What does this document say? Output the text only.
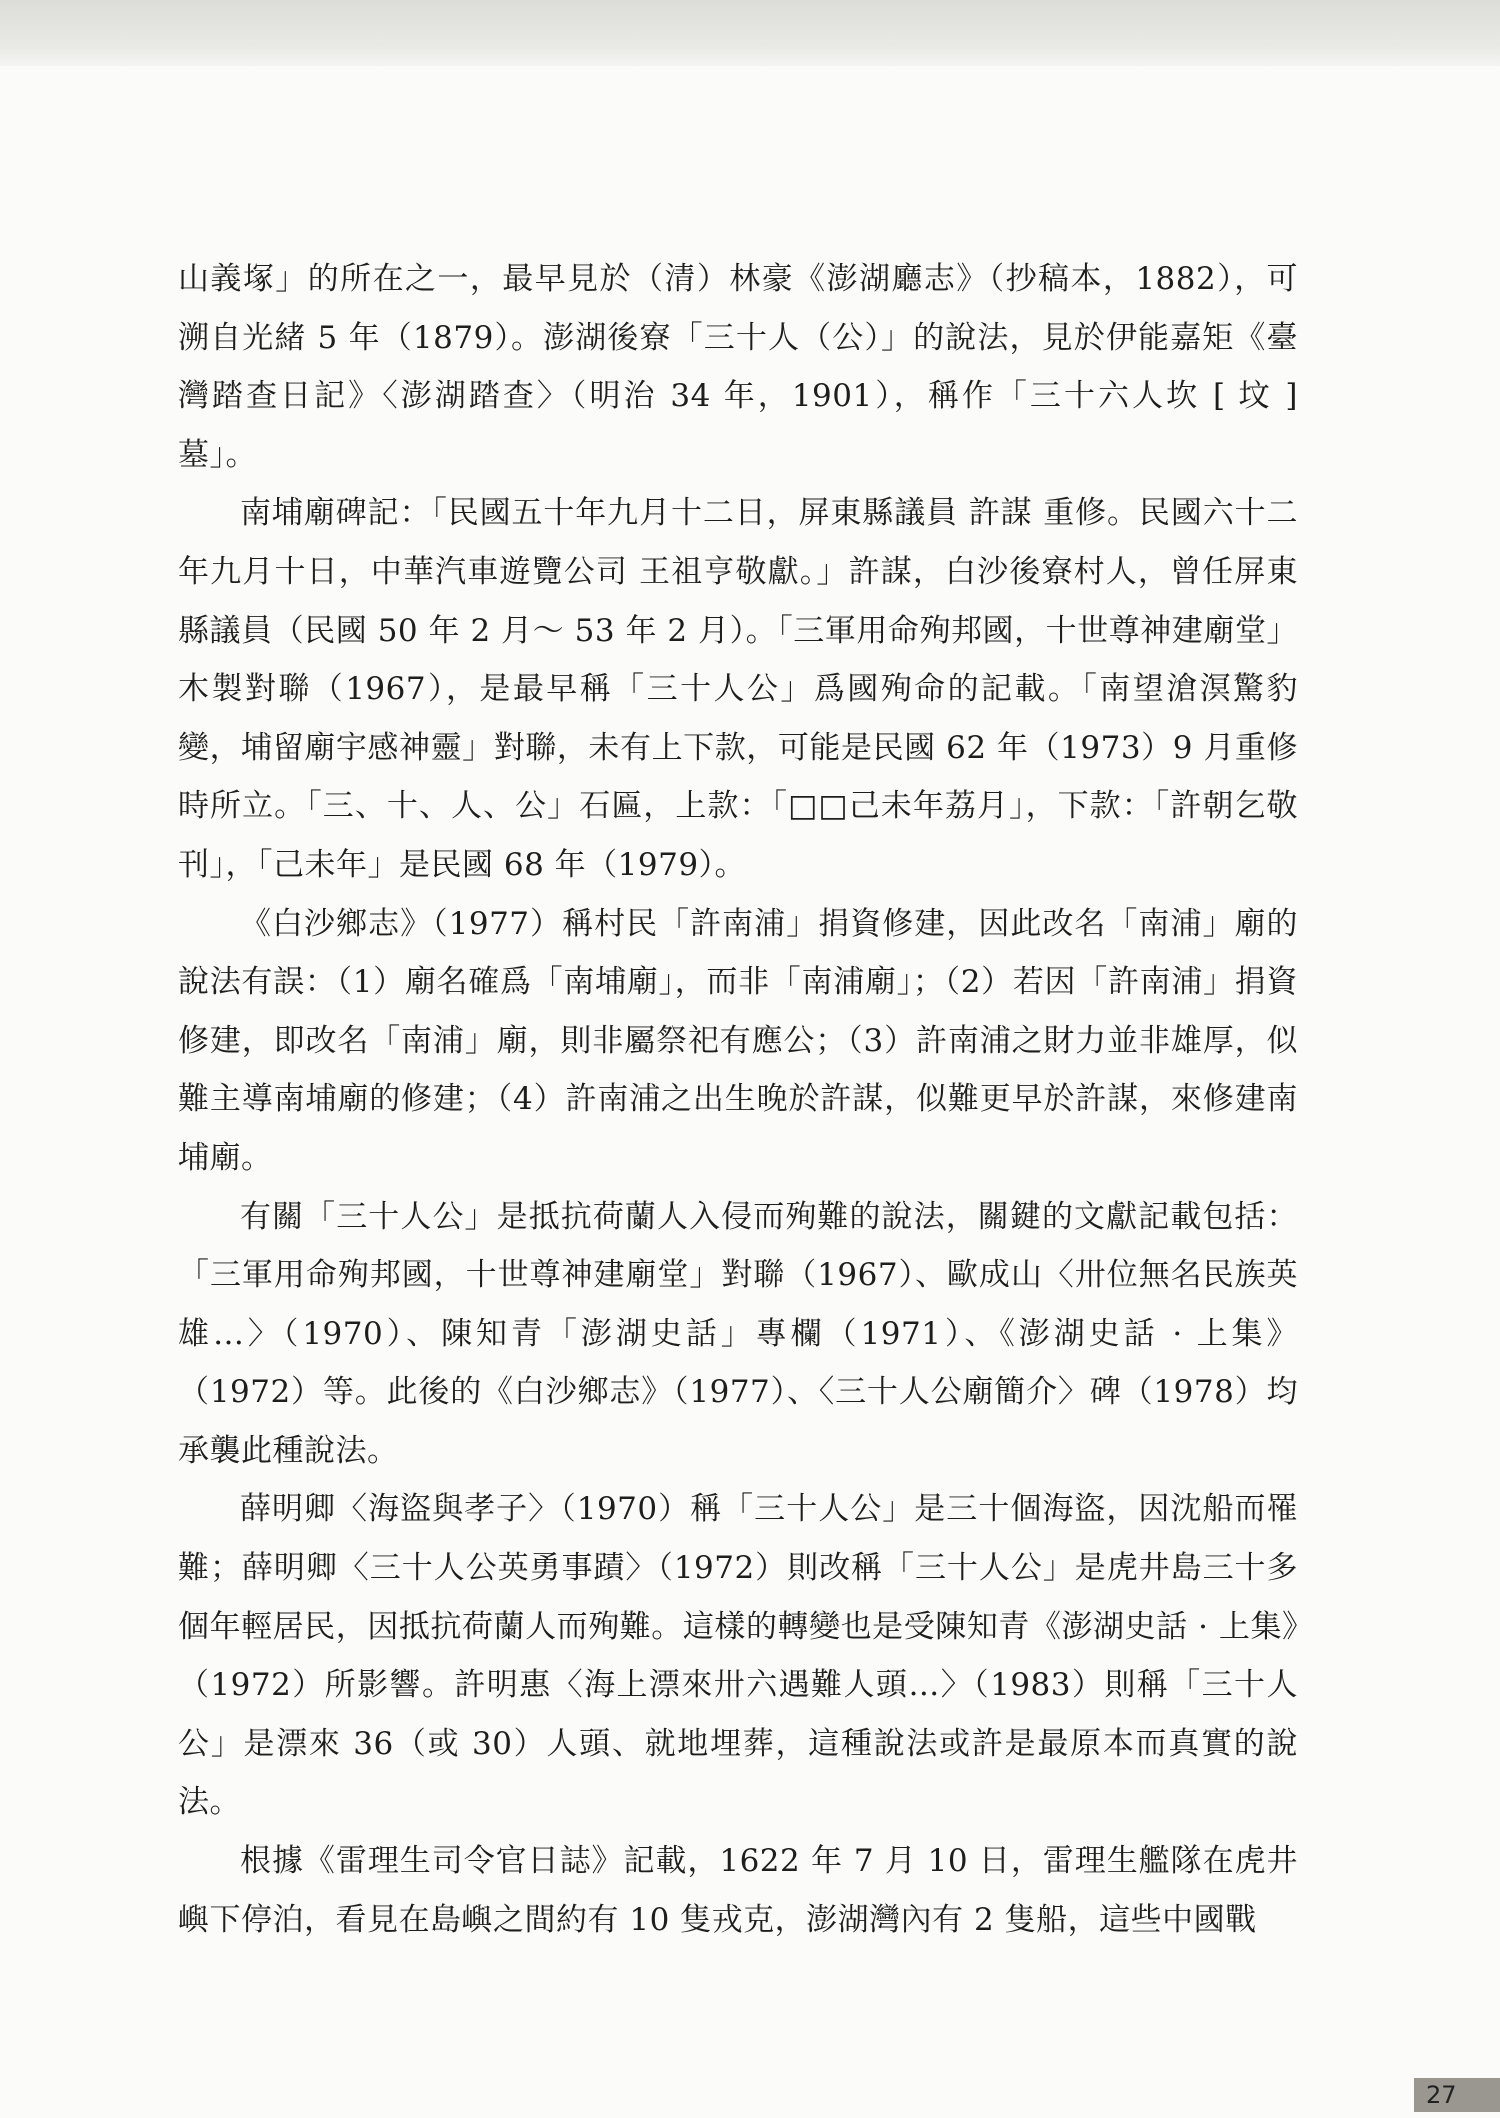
山義塚」的所在之一，最早見於（清）林豪《澎湖廳志》（抄稿本，1882），可溯自光緒 5 年（1879）。澎湖後寮「三十人（公）」的說法，見於伊能嘉矩《臺灣踏查日記》〈澎湖踏查〉（明治 34 年，1901），稱作「三十六人坎 [ 坟 ] 墓」。

南埔廟碑記：「民國五十年九月十二日，屏東縣議員 許謀 重修。民國六十二年九月十日，中華汽車遊覽公司 王祖亨敬獻。」許謀，白沙後寮村人，曾任屏東縣議員（民國 50 年 2 月～ 53 年 2 月）。「三軍用命殉邦國，十世尊神建廟堂」木製對聯（1967），是最早稱「三十人公」爲國殉命的記載。「南望滄溟驚豹變，埔留廟宇感神靈」對聯，未有上下款，可能是民國 62 年（1973）9 月重修時所立。「三、十、人、公」石匾，上款：「□□己未年荔月」，下款：「許朝乞敬刊」，「己未年」是民國 68 年（1979）。

《白沙鄉志》（1977）稱村民「許南浦」捐資修建，因此改名「南浦」廟的說法有誤：（1）廟名確爲「南埔廟」，而非「南浦廟」；（2）若因「許南浦」捐資修建，即改名「南浦」廟，則非屬祭祀有應公；（3）許南浦之財力並非雄厚，似難主導南埔廟的修建；（4）許南浦之出生晚於許謀，似難更早於許謀，來修建南埔廟。

有關「三十人公」是抵抗荷蘭人入侵而殉難的說法，關鍵的文獻記載包括：「三軍用命殉邦國，十世尊神建廟堂」對聯（1967）、歐成山〈卅位無名民族英雄…〉（1970）、陳知青「澎湖史話」專欄（1971）、《澎湖史話 · 上集》（1972）等。此後的《白沙鄉志》（1977）、〈三十人公廟簡介〉碑（1978）均承襲此種說法。

薛明卿〈海盜與孝子〉（1970）稱「三十人公」是三十個海盜，因沈船而罹難；薛明卿〈三十人公英勇事蹟〉（1972）則改稱「三十人公」是虎井島三十多個年輕居民，因抵抗荷蘭人而殉難。這樣的轉變也是受陳知青《澎湖史話 · 上集》（1972）所影響。許明惠〈海上漂來卅六遇難人頭…〉（1983）則稱「三十人公」是漂來 36（或 30）人頭、就地埋葬，這種說法或許是最原本而真實的說法。

根據《雷理生司令官日誌》記載，1622 年 7 月 10 日，雷理生艦隊在虎井嶼下停泊，看見在島嶼之間約有 10 隻戎克，澎湖灣內有 2 隻船，這些中國戰

27
